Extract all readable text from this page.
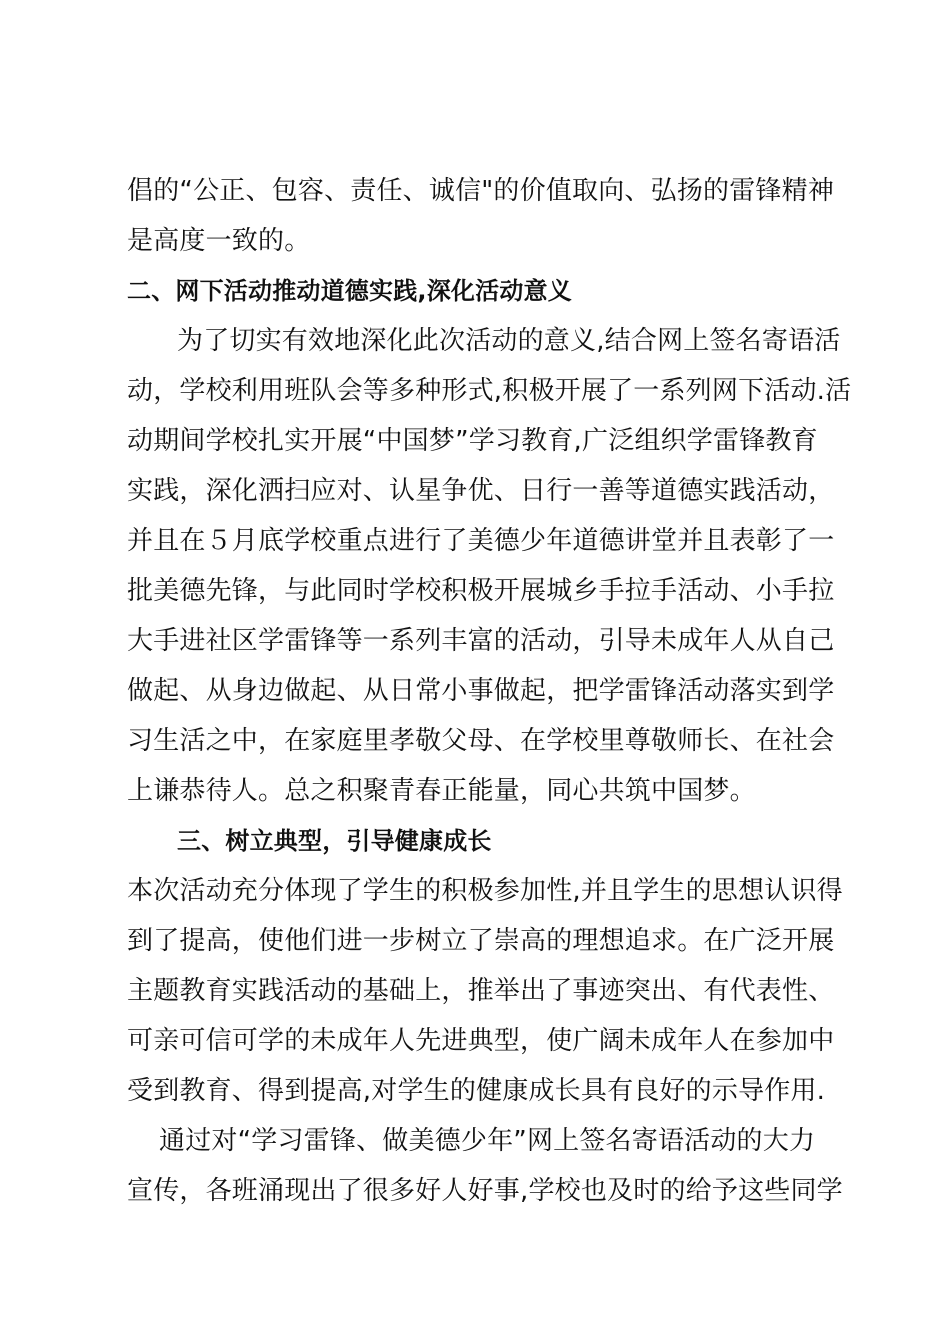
倡的“公正、包容、责任、诚信"的价值取向、弘扬的雷锋精神
是高度一致的。
二、网下活动推动道德实践,深化活动意义
为了切实有效地深化此次活动的意义,结合网上签名寄语活
动，学校利用班队会等多种形式,积极开展了一系列网下活动.活
动期间学校扎实开展“中国梦”学习教育,广泛组织学雷锋教育
实践，深化洒扫应对、认星争优、日行一善等道德实践活动，
并且在５月底学校重点进行了美德少年道德讲堂并且表彰了一
批美德先锋，与此同时学校积极开展城乡手拉手活动、小手拉
大手进社区学雷锋等一系列丰富的活动，引导未成年人从自己
做起、从身边做起、从日常小事做起，把学雷锋活动落实到学
习生活之中，在家庭里孝敬父母、在学校里尊敬师长、在社会
上谦恭待人。总之积聚青春正能量，同心共筑中国梦。
三、树立典型，引导健康成长
本次活动充分体现了学生的积极参加性,并且学生的思想认识得
到了提高，使他们进一步树立了崇高的理想追求。在广泛开展
主题教育实践活动的基础上，推举出了事迹突出、有代表性、
可亲可信可学的未成年人先进典型，使广阔未成年人在参加中
受到教育、得到提高,对学生的健康成长具有良好的示导作用.
通过对“学习雷锋、做美德少年”网上签名寄语活动的大力
宣传，各班涌现出了很多好人好事,学校也及时的给予这些同学
